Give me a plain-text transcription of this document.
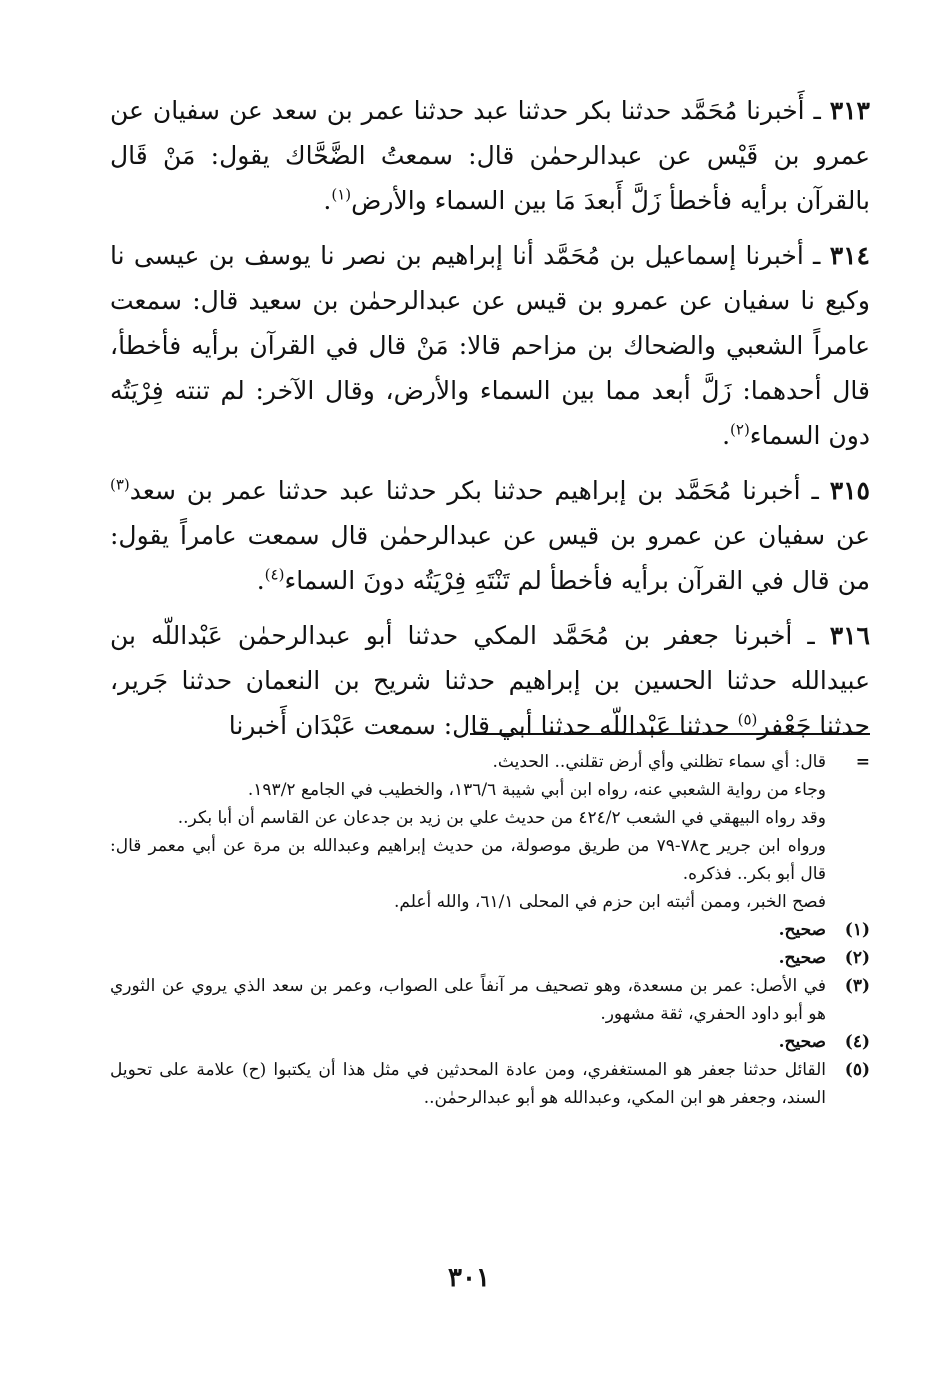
٣١٣ ـ أَخبرنا مُحَمَّد حدثنا بكر حدثنا عبد حدثنا عمر بن سعد عن سفيان عن عمرو بن قَيْس عن عبدالرحمٰن قال: سمعتُ الضَّحَّاك يقول: مَنْ قَال بالقرآن برأيه فأخطأ زَلَّ أَبعدَ مَا بين السماء والأرض$^{(١)}$.

٣١٤ ـ أخبرنا إسماعيل بن مُحَمَّد أنا إبراهيم بن نصر نا يوسف بن عيسى نا وكيع نا سفيان عن عمرو بن قيس عن عبدالرحمٰن بن سعيد قال: سمعت عامراً الشعبي والضحاك بن مزاحم قالا: مَنْ قال في القرآن برأيه فأخطأ، قال أحدهما: زَلَّ أبعد مما بين السماء والأرض، وقال الآخر: لم تنته فِرْيَتُه دون السماء$^{(٢)}$.

٣١٥ ـ أخبرنا مُحَمَّد بن إبراهيم حدثنا بكر حدثنا عبد حدثنا عمر بن سعد$^{(٣)}$ عن سفيان عن عمرو بن قيس عن عبدالرحمٰن قال سمعت عامراً يقول: من قال في القرآن برأيه فأخطأ لم تَنْتَهِ فِرْيَتُه دونَ السماء$^{(٤)}$.

٣١٦ ـ أخبرنا جعفر بن مُحَمَّد المكي حدثنا أبو عبدالرحمٰن عَبْداللّه بن عبيدالله حدثنا الحسين بن إبراهيم حدثنا شريح بن النعمان حدثنا جَرير، حدثنا جَعْفر$^{(٥)}$ حدثنا عَبْداللّه حدثنا أبي قال: سمعت عَبْدَان أَخبرنا

=
قال: أي سماء تظلني وأي أرض تقلني.. الحديث.
وجاء من رواية الشعبي عنه، رواه ابن أبي شيبة ١٣٦/٦، والخطيب في الجامع ١٩٣/٢.
وقد رواه البيهقي في الشعب ٤٢٤/٢ من حديث علي بن زيد بن جدعان عن القاسم أن أبا بكر..
ورواه ابن جرير ح٧٨-٧٩ من طريق موصولة، من حديث إبراهيم وعبدالله بن مرة عن أبي معمر قال: قال أبو بكر.. فذكره.
فصح الخبر، وممن أثبته ابن حزم في المحلى ٦١/١، والله أعلم.
(١)
صحيح.
(٢)
صحيح.
(٣)
في الأصل: عمر بن مسعدة، وهو تصحيف مر آنفاً على الصواب، وعمر بن سعد الذي يروي عن الثوري هو أبو داود الحفري، ثقة مشهور.
(٤)
صحيح.
(٥)
القائل حدثنا جعفر هو المستغفري، ومن عادة المحدثين في مثل هذا أن يكتبوا (ح) علامة على تحويل السند، وجعفر هو ابن المكي، وعبدالله هو أبو عبدالرحمٰن..
٣٠١
